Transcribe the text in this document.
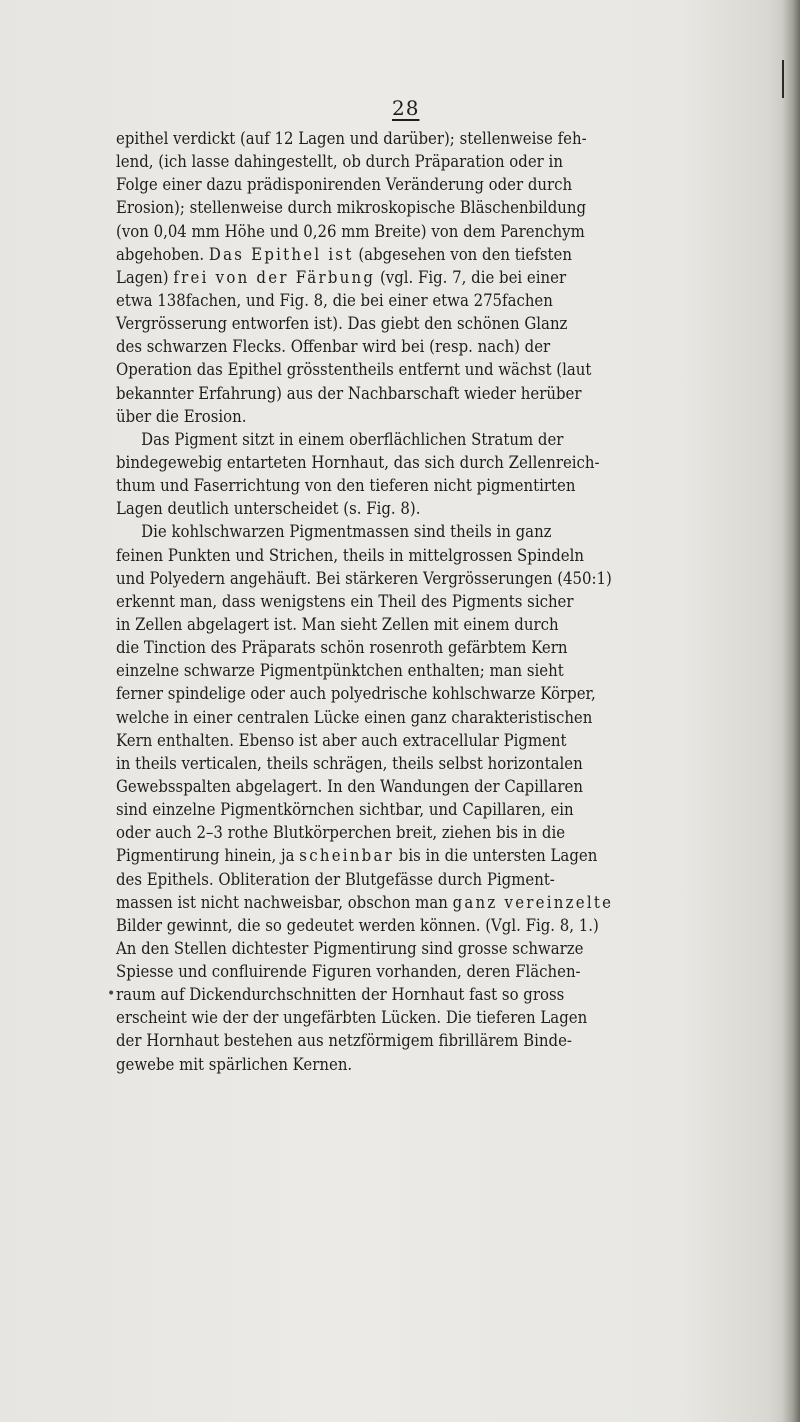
28
•
epithel verdickt (auf 12 Lagen und darüber); stellenweise feh-
lend, (ich lasse dahingestellt, ob durch Präparation oder in
Folge einer dazu prädisponirenden Veränderung oder durch
Erosion); stellenweise durch mikroskopische Bläschenbildung
(von 0,04 mm Höhe und 0,26 mm Breite) von dem Parenchym
abgehoben. Das Epithel ist (abgesehen von den tiefsten
Lagen) frei von der Färbung (vgl. Fig. 7, die bei einer
etwa 138fachen, und Fig. 8, die bei einer etwa 275fachen
Vergrösserung entworfen ist). Das giebt den schönen Glanz
des schwarzen Flecks. Offenbar wird bei (resp. nach) der
Operation das Epithel grösstentheils entfernt und wächst (laut
bekannter Erfahrung) aus der Nachbarschaft wieder herüber
über die Erosion.
Das Pigment sitzt in einem oberflächlichen Stratum der
bindegewebig entarteten Hornhaut, das sich durch Zellenreich-
thum und Faserrichtung von den tieferen nicht pigmentirten
Lagen deutlich unterscheidet (s. Fig. 8).
Die kohlschwarzen Pigmentmassen sind theils in ganz
feinen Punkten und Strichen, theils in mittelgrossen Spindeln
und Polyedern angehäuft. Bei stärkeren Vergrösserungen (450:1)
erkennt man, dass wenigstens ein Theil des Pigments sicher
in Zellen abgelagert ist. Man sieht Zellen mit einem durch
die Tinction des Präparats schön rosenroth gefärbtem Kern
einzelne schwarze Pigmentpünktchen enthalten; man sieht
ferner spindelige oder auch polyedrische kohlschwarze Körper,
welche in einer centralen Lücke einen ganz charakteristischen
Kern enthalten. Ebenso ist aber auch extracellular Pigment
in theils verticalen, theils schrägen, theils selbst horizontalen
Gewebsspalten abgelagert. In den Wandungen der Capillaren
sind einzelne Pigmentkörnchen sichtbar, und Capillaren, ein
oder auch 2–3 rothe Blutkörperchen breit, ziehen bis in die
Pigmentirung hinein, ja scheinbar bis in die untersten Lagen
des Epithels. Obliteration der Blutgefässe durch Pigment-
massen ist nicht nachweisbar, obschon man ganz vereinzelte
Bilder gewinnt, die so gedeutet werden können. (Vgl. Fig. 8, 1.)
An den Stellen dichtester Pigmentirung sind grosse schwarze
Spiesse und confluirende Figuren vorhanden, deren Flächen-
raum auf Dickendurchschnitten der Hornhaut fast so gross
erscheint wie der der ungefärbten Lücken. Die tieferen Lagen
der Hornhaut bestehen aus netzförmigem fibrillärem Binde-
gewebe mit spärlichen Kernen.
